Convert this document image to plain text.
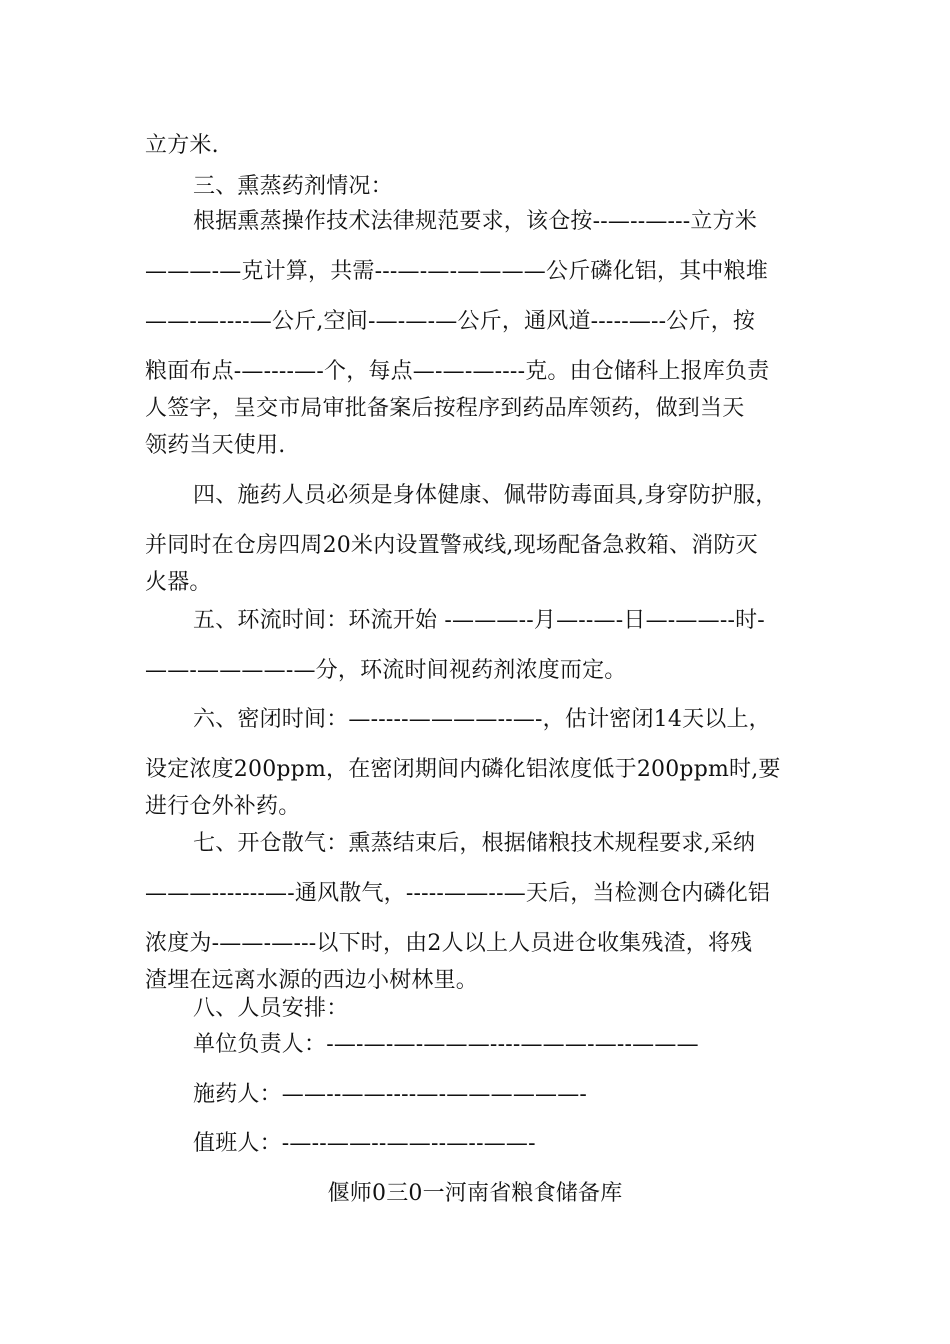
立方米.
三、熏蒸药剂情况：
根据熏蒸操作技术法律规范要求，该仓按--—--—---立方米
———-—克计算，共需---—-—-————公斤磷化铝，其中粮堆
——-—----—公斤,空间-—-—-—公斤，通风道-----—--公斤，按
粮面布点-—----—-个，每点—-—-—----克。由仓储科上报库负责
人签字，呈交市局审批备案后按程序到药品库领药，做到当天
领药当天使用.
四、施药人员必须是身体健康、佩带防毒面具,身穿防护服，
并同时在仓房四周20米内设置警戒线,现场配备急救箱、消防灭
火器。
五、环流时间：环流开始 -———--月—--—-日—-——--时-
——-————-—分，环流时间视药剂浓度而定。
六、密闭时间：—-----————--—-，估计密闭14天以上，
设定浓度200ppm，在密闭期间内磷化铝浓度低于200ppm时,要
进行仓外补药。
七、开仓散气：熏蒸结束后，根据储粮技术规程要求,采纳
———-------—-通风散气，-----——--—天后，当检测仓内磷化铝
浓度为-——-—---以下时，由2人以上人员进仓收集残渣，将残
渣埋在远离水源的西边小树林里。
八、人员安排：
单位负责人：-—-—-—-———----———-—--———
施药人：——--——----—-——————-
值班人：-—--——--——--—--——-
偃师0三0一河南省粮食储备库
